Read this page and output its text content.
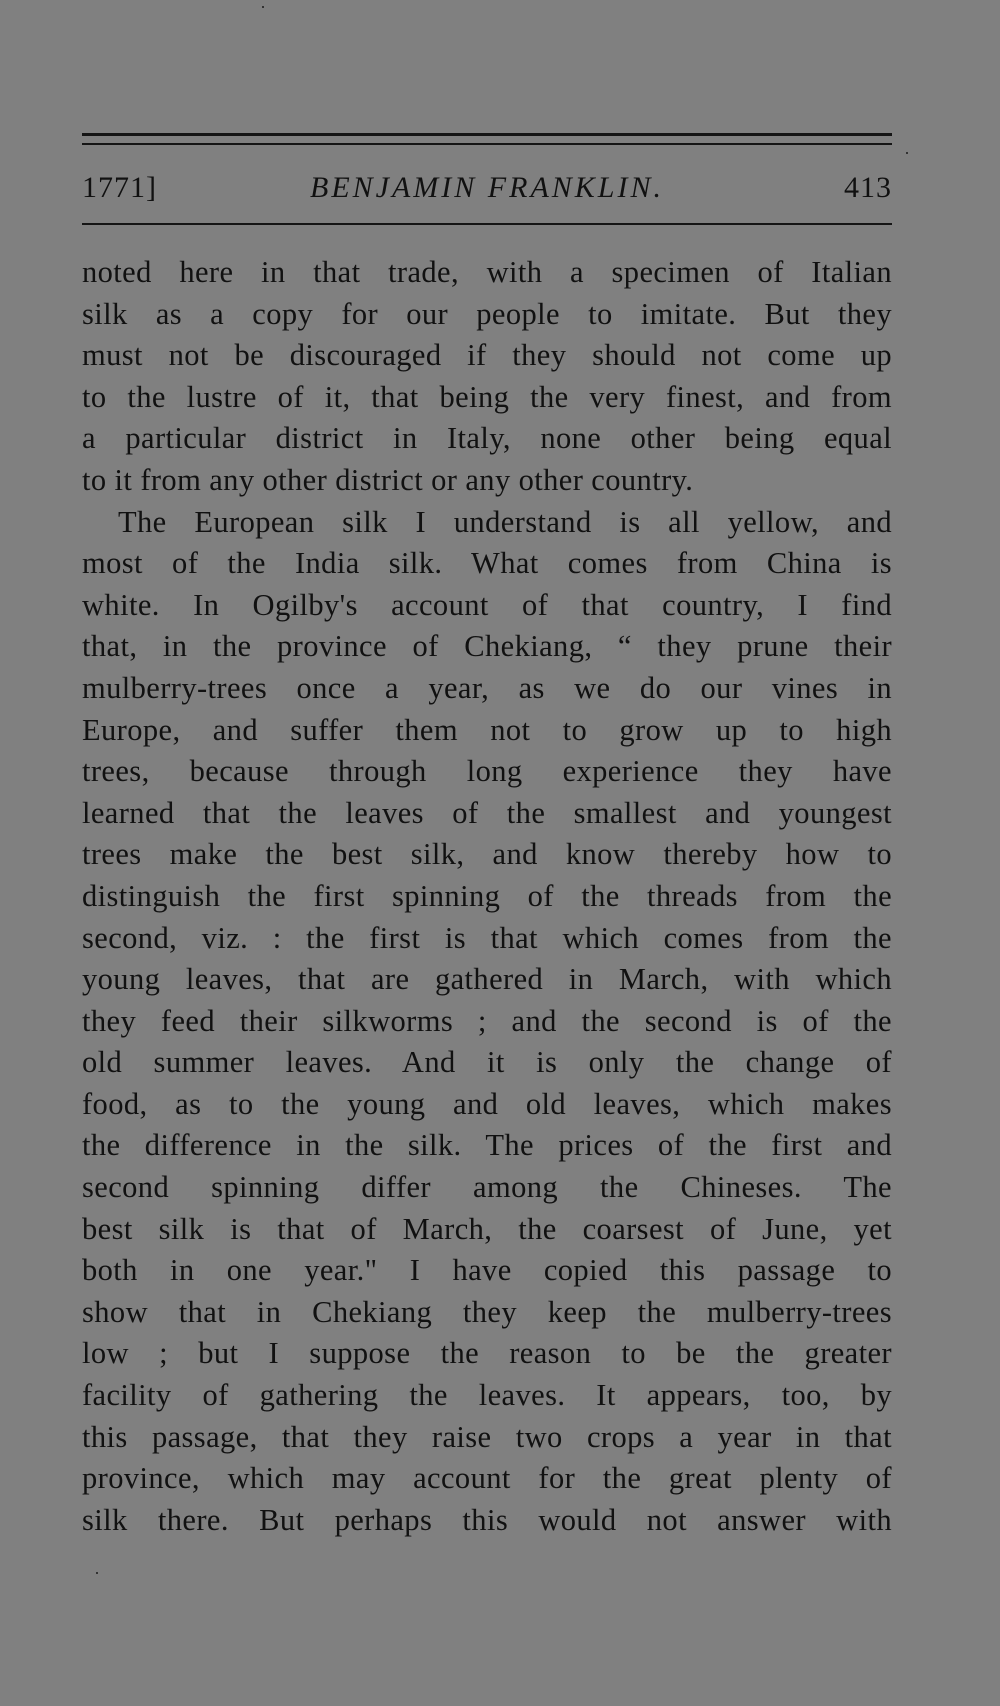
1771]	BENJAMIN FRANKLIN.	413
noted here in that trade, with a specimen of Italian
silk as a copy for our people to imitate. But they
must not be discouraged if they should not come up
to the lustre of it, that being the very finest, and from
a particular district in Italy, none other being equal
to it from any other district or any other country.
The European silk I understand is all yellow, and
most of the India silk. What comes from China is
white. In Ogilby's account of that country, I find
that, in the province of Chekiang, “ they prune their
mulberry-trees once a year, as we do our vines in
Europe, and suffer them not to grow up to high
trees, because through long experience they have
learned that the leaves of the smallest and youngest
trees make the best silk, and know thereby how to
distinguish the first spinning of the threads from the
second, viz. : the first is that which comes from the
young leaves, that are gathered in March, with which
they feed their silkworms ; and the second is of the
old summer leaves. And it is only the change of
food, as to the young and old leaves, which makes
the difference in the silk. The prices of the first and
second spinning differ among the Chineses. The
best silk is that of March, the coarsest of June, yet
both in one year." I have copied this passage to
show that in Chekiang they keep the mulberry-trees
low ; but I suppose the reason to be the greater
facility of gathering the leaves. It appears, too, by
this passage, that they raise two crops a year in that
province, which may account for the great plenty of
silk there. But perhaps this would not answer with
